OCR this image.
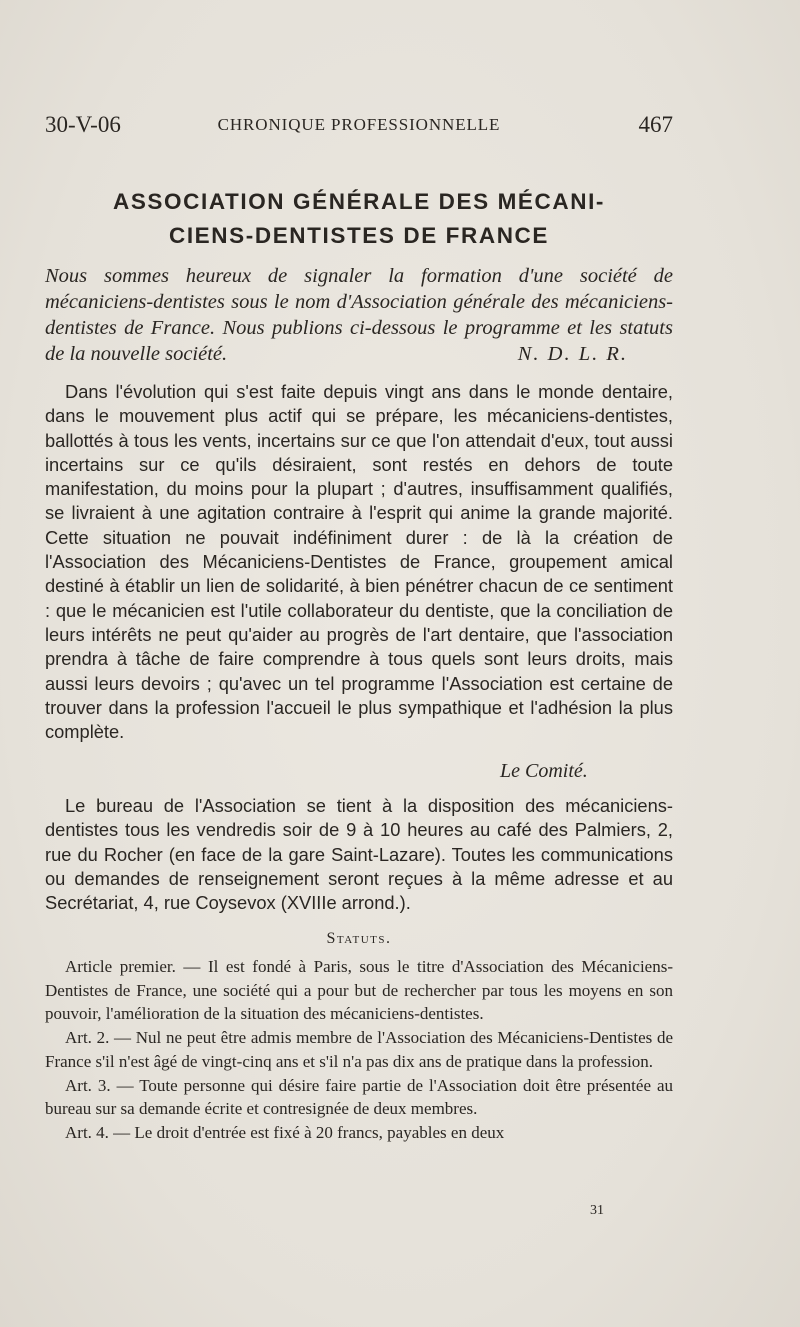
30-V-06	CHRONIQUE PROFESSIONNELLE	467
ASSOCIATION GÉNÉRALE DES MÉCANI-
CIENS-DENTISTES DE FRANCE

Nous sommes heureux de signaler la formation d'une société de mécaniciens-dentistes sous le nom d'Association générale des mécaniciens-dentistes de France. Nous publions ci-dessous le programme et les statuts de la nouvelle société.	N. D. L. R.

Dans l'évolution qui s'est faite depuis vingt ans dans le monde dentaire, dans le mouvement plus actif qui se prépare, les mécaniciens-dentistes, ballottés à tous les vents, incertains sur ce que l'on attendait d'eux, tout aussi incertains sur ce qu'ils désiraient, sont restés en dehors de toute manifestation, du moins pour la plupart ; d'autres, insuffisamment qualifiés, se livraient à une agitation contraire à l'esprit qui anime la grande majorité. Cette situation ne pouvait indéfiniment durer : de là la création de l'Association des Mécaniciens-Dentistes de France, groupement amical destiné à établir un lien de solidarité, à bien pénétrer chacun de ce sentiment : que le mécanicien est l'utile collaborateur du dentiste, que la conciliation de leurs intérêts ne peut qu'aider au progrès de l'art dentaire, que l'association prendra à tâche de faire comprendre à tous quels sont leurs droits, mais aussi leurs devoirs ; qu'avec un tel programme l'Association est certaine de trouver dans la profession l'accueil le plus sympathique et l'adhésion la plus complète.

Le Comité.

Le bureau de l'Association se tient à la disposition des mécaniciens-dentistes tous les vendredis soir de 9 à 10 heures au café des Palmiers, 2, rue du Rocher (en face de la gare Saint-Lazare). Toutes les communications ou demandes de renseignement seront reçues à la même adresse et au Secrétariat, 4, rue Coysevox (XVIIIe arrond.).

Statuts.

Article premier. — Il est fondé à Paris, sous le titre d'Association des Mécaniciens-Dentistes de France, une société qui a pour but de rechercher par tous les moyens en son pouvoir, l'amélioration de la situation des mécaniciens-dentistes.

Art. 2. — Nul ne peut être admis membre de l'Association des Mécaniciens-Dentistes de France s'il n'est âgé de vingt-cinq ans et s'il n'a pas dix ans de pratique dans la profession.

Art. 3. — Toute personne qui désire faire partie de l'Association doit être présentée au bureau sur sa demande écrite et contresignée de deux membres.

Art. 4. — Le droit d'entrée est fixé à 20 francs, payables en deux

31
